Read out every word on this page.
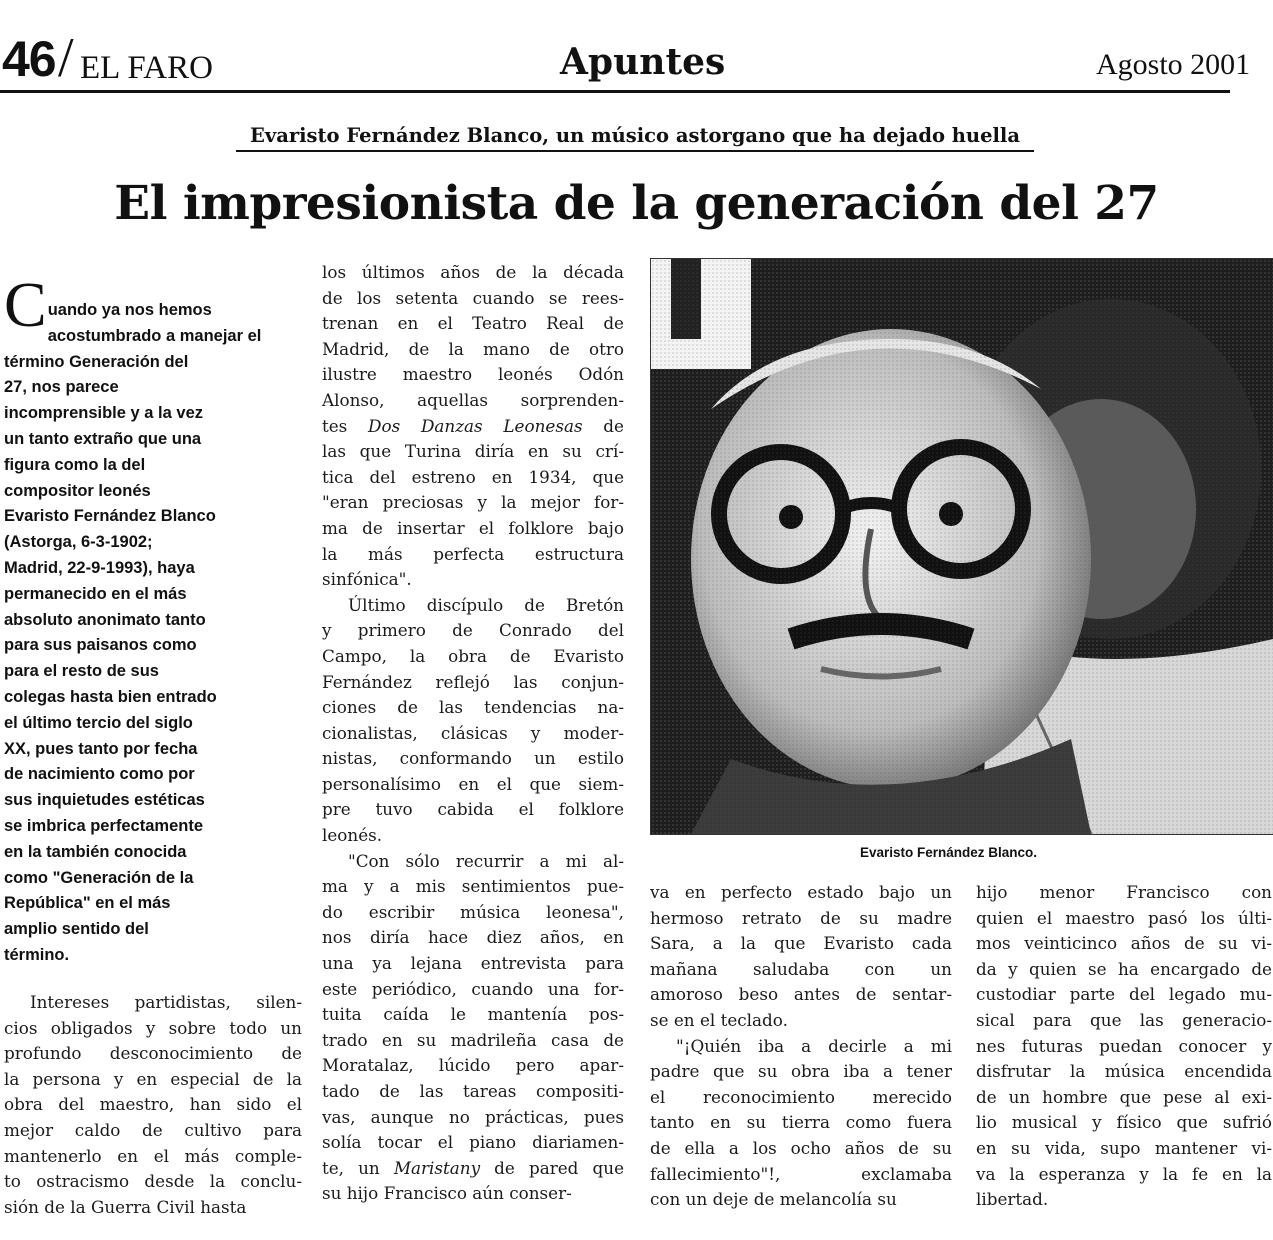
46 / EL FARO	Apuntes	Agosto 2001
Evaristo Fernández Blanco, un músico astorgano que ha dejado huella
El impresionista de la generación del 27
C uando ya nos hemos
acostumbrado a manejar el
término Generación del
27, nos parece
incomprensible y a la vez
un tanto extraño que una
figura como la del
compositor leonés
Evaristo Fernández Blanco
(Astorga, 6-3-1902;
Madrid, 22-9-1993), haya
permanecido en el más
absoluto anonimato tanto
para sus paisanos como
para el resto de sus
colegas hasta bien entrado
el último tercio del siglo
XX, pues tanto por fecha
de nacimiento como por
sus inquietudes estéticas
se imbrica perfectamente
en la también conocida
como "Generación de la
República" en el más
amplio sentido del
término.
Intereses partidistas, silen-
cios obligados y sobre todo un
profundo desconocimiento de
la persona y en especial de la
obra del maestro, han sido el
mejor caldo de cultivo para
mantenerlo en el más comple-
to ostracismo desde la conclu-
sión de la Guerra Civil hasta
los últimos años de la década
de los setenta cuando se rees-
trenan en el Teatro Real de
Madrid, de la mano de otro
ilustre maestro leonés Odón
Alonso, aquellas sorprenden-
tes Dos Danzas Leonesas de
las que Turina diría en su crí-
tica del estreno en 1934, que
"eran preciosas y la mejor for-
ma de insertar el folklore bajo
la más perfecta estructura
sinfónica".
Último discípulo de Bretón
y primero de Conrado del
Campo, la obra de Evaristo
Fernández reflejó las conjun-
ciones de las tendencias na-
cionalistas, clásicas y moder-
nistas, conformando un estilo
personalísimo en el que siem-
pre tuvo cabida el folklore
leonés.
"Con sólo recurrir a mi al-
ma y a mis sentimientos pue-
do escribir música leonesa",
nos diría hace diez años, en
una ya lejana entrevista para
este periódico, cuando una for-
tuita caída le mantenía pos-
trado en su madrileña casa de
Moratalaz, lúcido pero apar-
tado de las tareas compositi-
vas, aunque no prácticas, pues
solía tocar el piano diariamen-
te, un Maristany de pared que
su hijo Francisco aún conser-
Evaristo Fernández Blanco.
va en perfecto estado bajo un
hermoso retrato de su madre
Sara, a la que Evaristo cada
mañana saludaba con un
amoroso beso antes de sentar-
se en el teclado.
"¡Quién iba a decirle a mi
padre que su obra iba a tener
el reconocimiento merecido
tanto en su tierra como fuera
de ella a los ocho años de su
fallecimiento"!, exclamaba
con un deje de melancolía su
hijo menor Francisco con
quien el maestro pasó los últi-
mos veinticinco años de su vi-
da y quien se ha encargado de
custodiar parte del legado mu-
sical para que las generacio-
nes futuras puedan conocer y
disfrutar la música encendida
de un hombre que pese al exi-
lio musical y físico que sufrió
en su vida, supo mantener vi-
va la esperanza y la fe en la
libertad.
